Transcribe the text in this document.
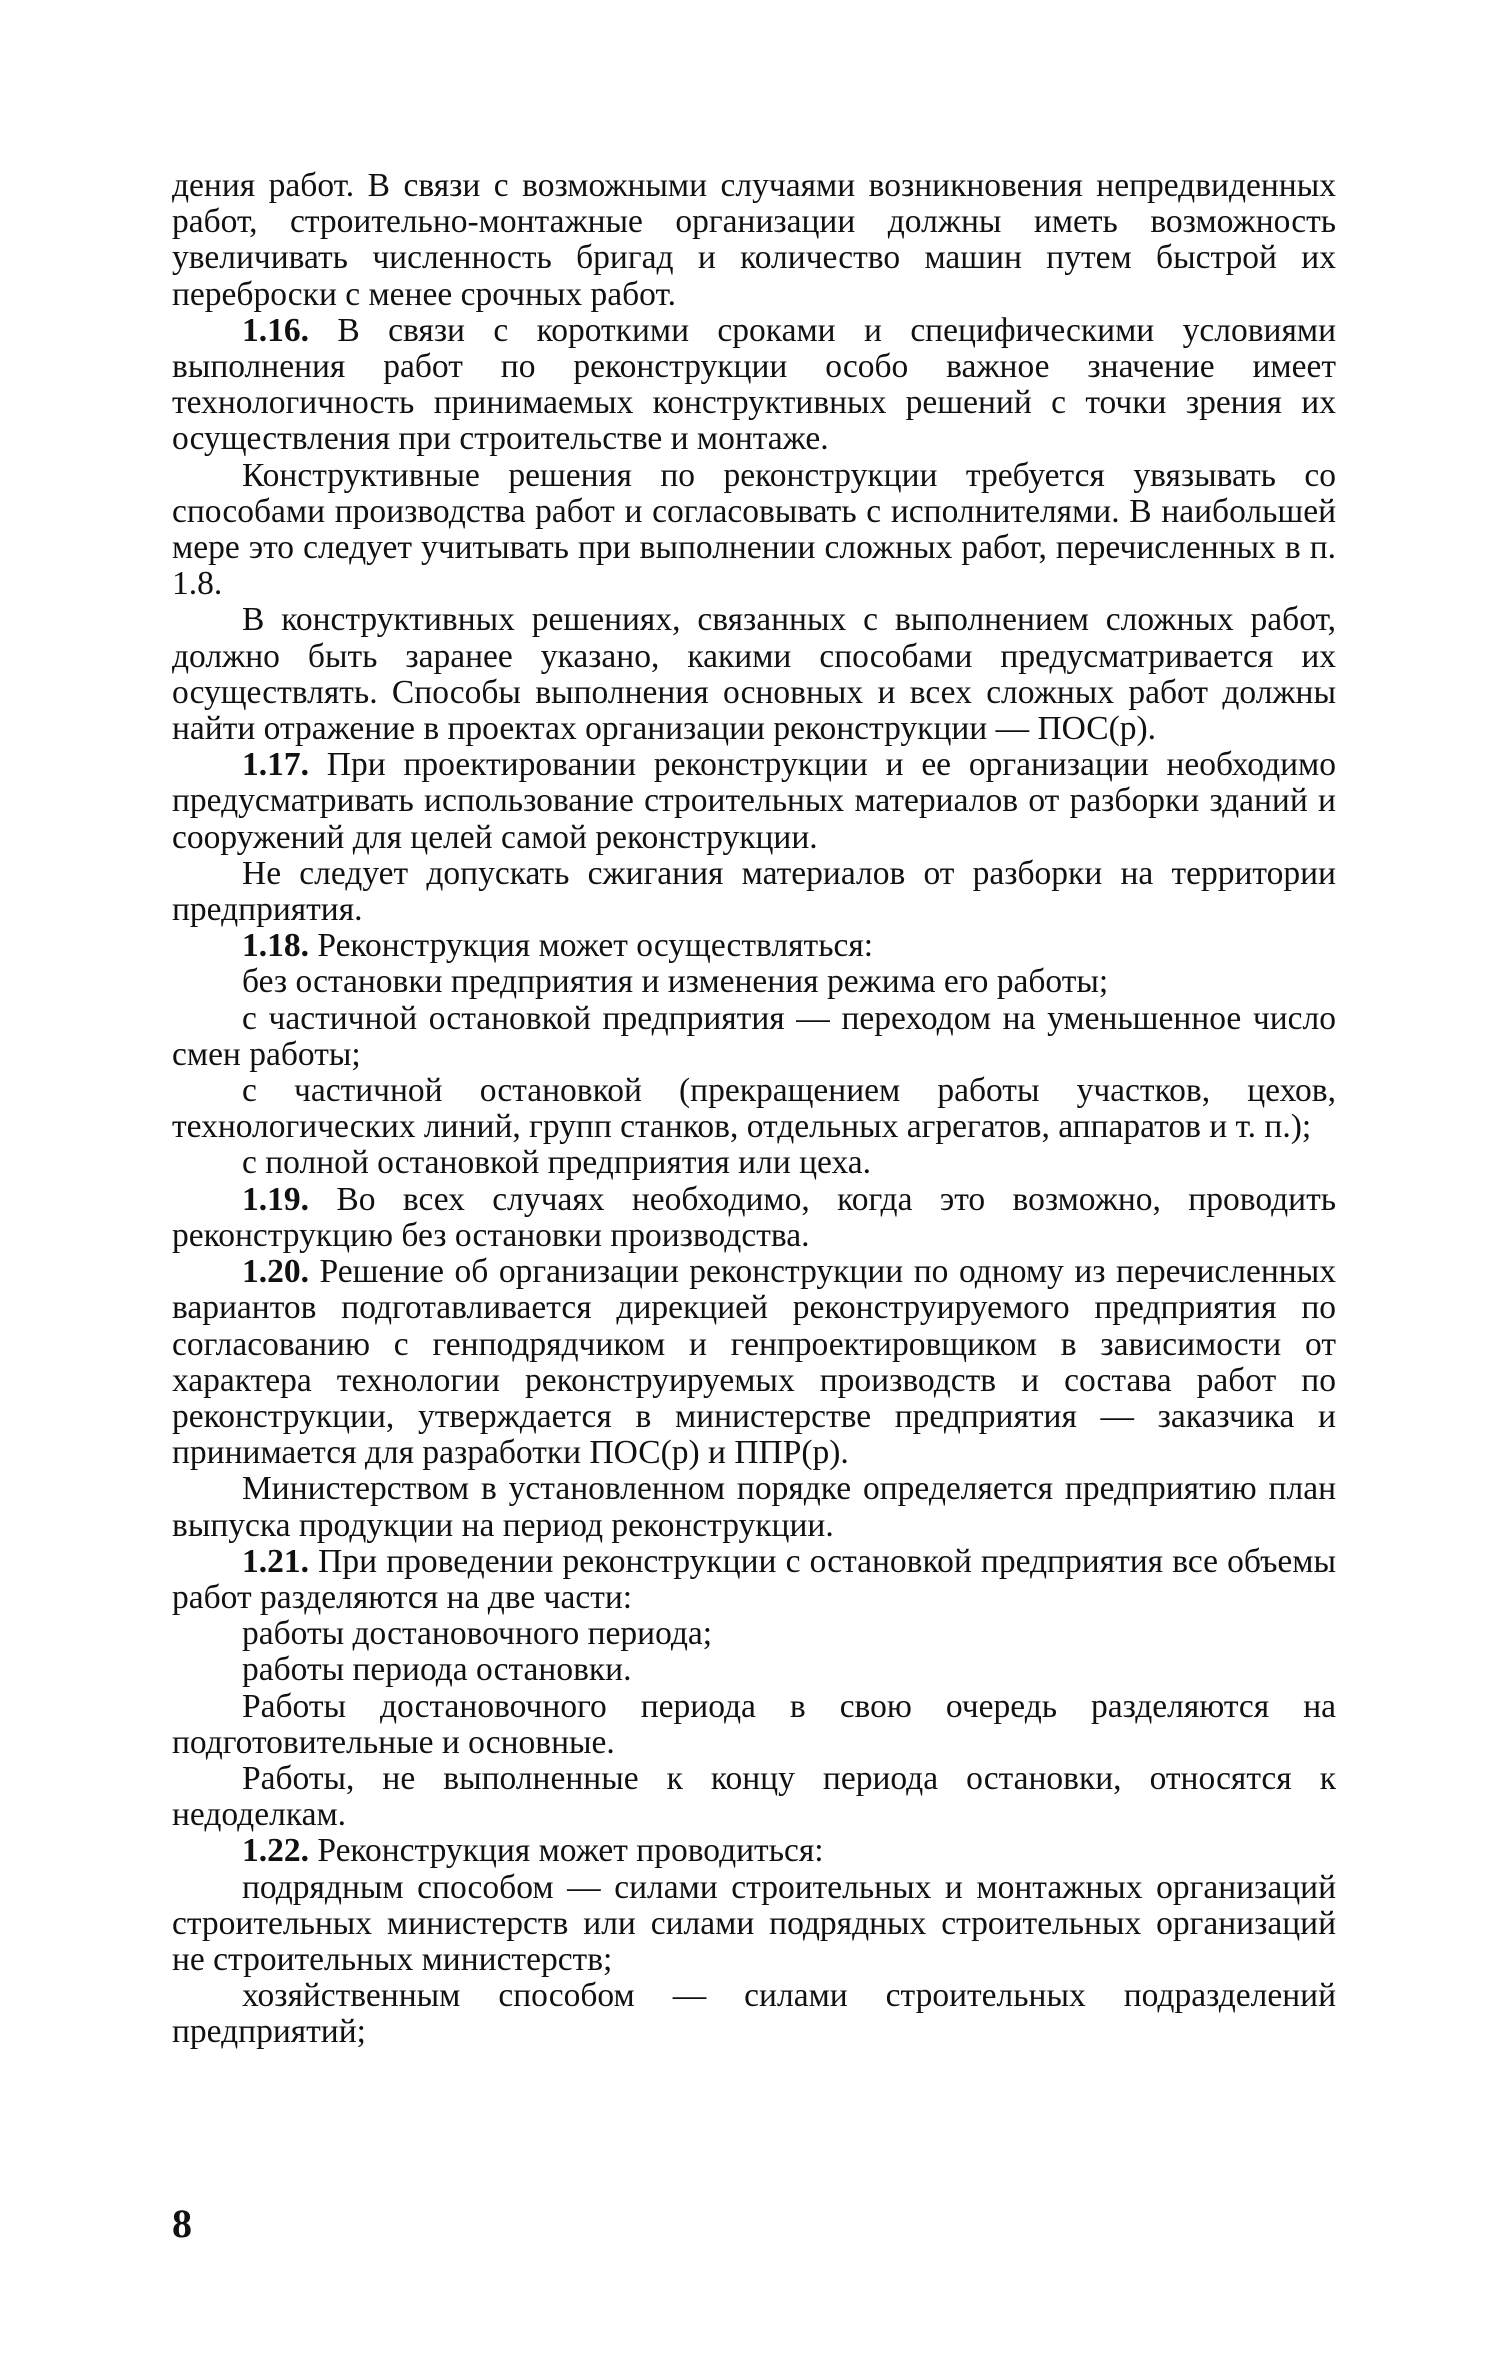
дения работ. В связи с возможными случаями возникновения непредвиденных работ, строительно-монтажные организации должны иметь возможность увеличивать численность бригад и количество машин путем быстрой их переброски с менее срочных работ.

1.16. В связи с короткими сроками и специфическими условиями выполнения работ по реконструкции особо важное значение имеет технологичность принимаемых конструктивных решений с точки зрения их осуществления при строительстве и монтаже.

Конструктивные решения по реконструкции требуется увязывать со способами производства работ и согласовывать с исполнителями. В наибольшей мере это следует учитывать при выполнении сложных работ, перечисленных в п. 1.8.

В конструктивных решениях, связанных с выполнением сложных работ, должно быть заранее указано, какими способами предусматривается их осуществлять. Способы выполнения основных и всех сложных работ должны найти отражение в проектах организации реконструкции — ПОС(р).

1.17. При проектировании реконструкции и ее организации необходимо предусматривать использование строительных материалов от разборки зданий и сооружений для целей самой реконструкции.

Не следует допускать сжигания материалов от разборки на территории предприятия.

1.18. Реконструкция может осуществляться:

без остановки предприятия и изменения режима его работы;

с частичной остановкой предприятия — переходом на уменьшенное число смен работы;

с частичной остановкой (прекращением работы участков, цехов, технологических линий, групп станков, отдельных агрегатов, аппаратов и т. п.);

с полной остановкой предприятия или цеха.

1.19. Во всех случаях необходимо, когда это возможно, проводить реконструкцию без остановки производства.

1.20. Решение об организации реконструкции по одному из перечисленных вариантов подготавливается дирекцией реконструируемого предприятия по согласованию с генподрядчиком и генпроектировщиком в зависимости от характера технологии реконструируемых производств и состава работ по реконструкции, утверждается в министерстве предприятия — заказчика и принимается для разработки ПОС(р) и ППР(р).

Министерством в установленном порядке определяется предприятию план выпуска продукции на период реконструкции.

1.21. При проведении реконструкции с остановкой предприятия все объемы работ разделяются на две части:

работы достановочного периода;

работы периода остановки.

Работы достановочного периода в свою очередь разделяются на подготовительные и основные.

Работы, не выполненные к концу периода остановки, относятся к недоделкам.

1.22. Реконструкция может проводиться:

подрядным способом — силами строительных и монтажных организаций строительных министерств или силами подрядных строительных организаций не строительных министерств;

хозяйственным способом — силами строительных подразделений предприятий;

8
